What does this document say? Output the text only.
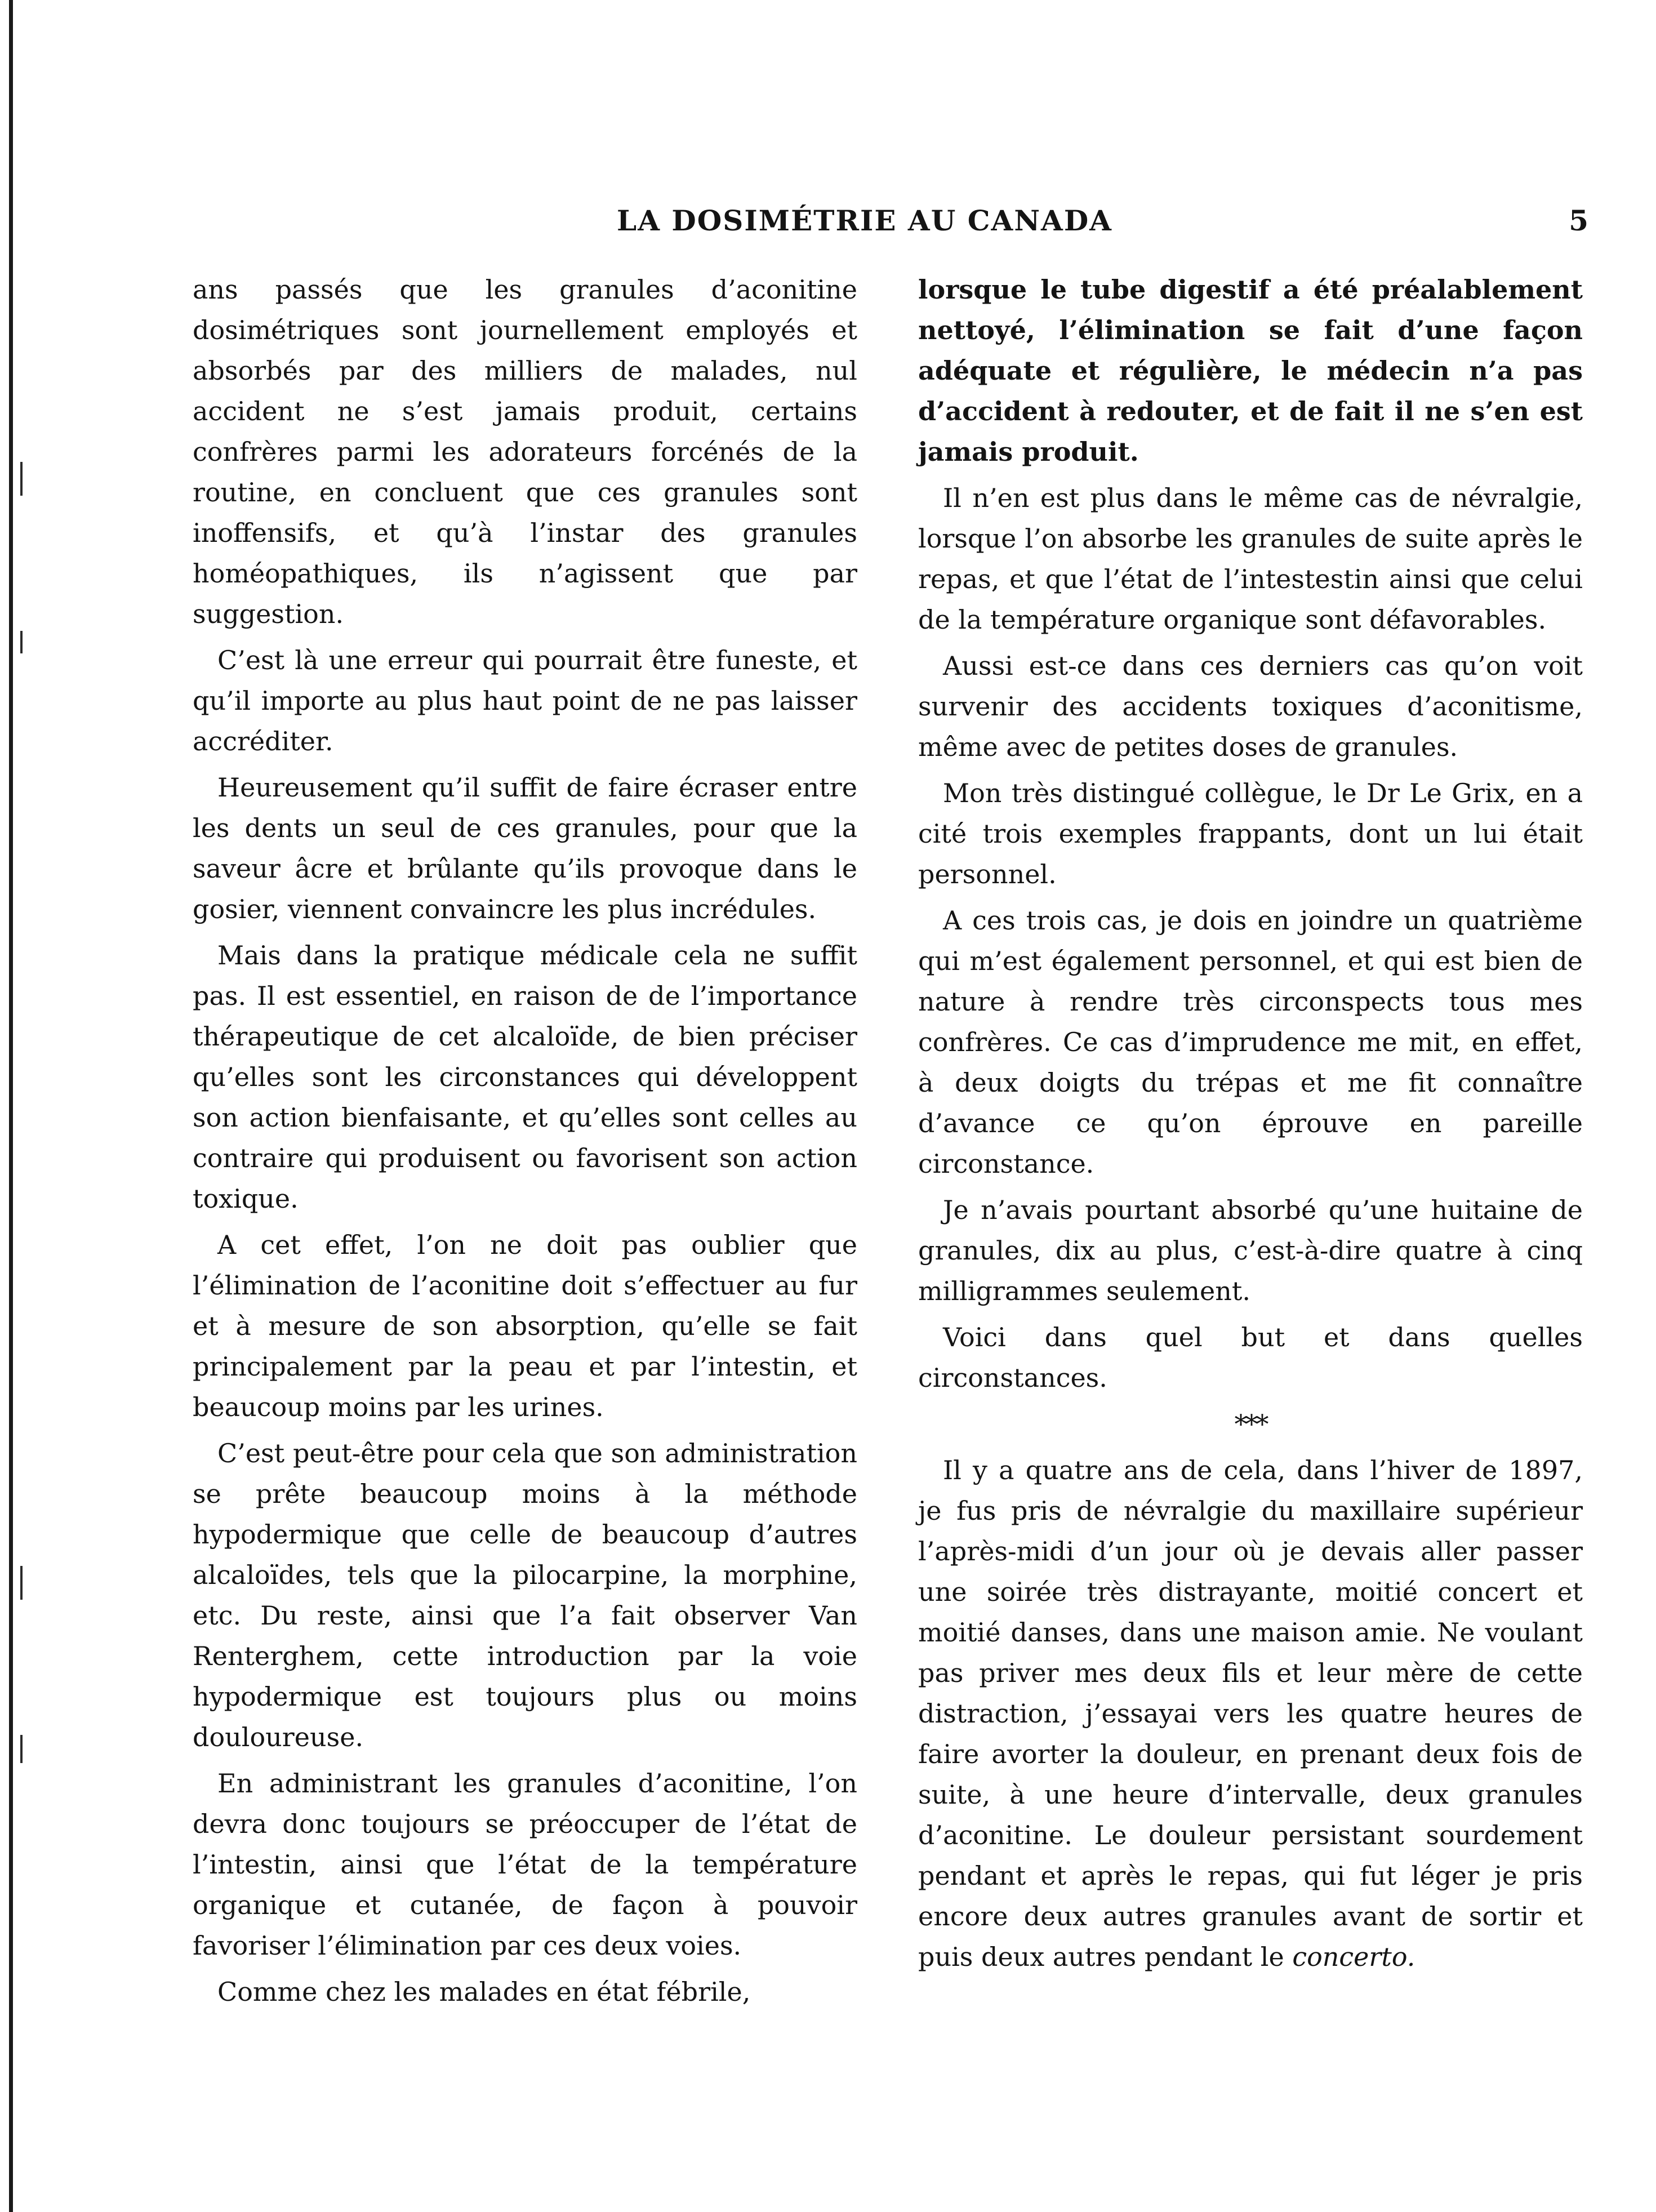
LA DOSIMÉTRIE AU CANADA	5

ans passés que les granules d’aconitine dosimétriques sont journellement employés et absorbés par des milliers de malades, nul accident ne s’est jamais produit, certains confrères parmi les adorateurs forcénés de la routine, en concluent que ces granules sont inoffensifs, et qu’à l’instar des granules homéopathiques, ils n’agissent que par suggestion.

C’est là une erreur qui pourrait être funeste, et qu’il importe au plus haut point de ne pas laisser accréditer.

Heureusement qu’il suffit de faire écraser entre les dents un seul de ces granules, pour que la saveur âcre et brûlante qu’ils provoque dans le gosier, viennent convaincre les plus incrédules.

Mais dans la pratique médicale cela ne suffit pas. Il est essentiel, en raison de de l’importance thérapeutique de cet alcaloïde, de bien préciser qu’elles sont les circonstances qui développent son action bienfaisante, et qu’elles sont celles au contraire qui produisent ou favorisent son action toxique.

A cet effet, l’on ne doit pas oublier que l’élimination de l’aconitine doit s’effectuer au fur et à mesure de son absorption, qu’elle se fait principalement par la peau et par l’intestin, et beaucoup moins par les urines.

C’est peut-être pour cela que son administration se prête beaucoup moins à la méthode hypodermique que celle de beaucoup d’autres alcaloïdes, tels que la pilocarpine, la morphine, etc. Du reste, ainsi que l’a fait observer Van Renterghem, cette introduction par la voie hypodermique est toujours plus ou moins douloureuse.

En administrant les granules d’aconitine, l’on devra donc toujours se préoccuper de l’état de l’intestin, ainsi que l’état de la température organique et cutanée, de façon à pouvoir favoriser l’élimination par ces deux voies.

Comme chez les malades en état fébrile,

lorsque le tube digestif a été préalablement nettoyé, l’élimination se fait d’une façon adéquate et régulière, le médecin n’a pas d’accident à redouter, et de fait il ne s’en est jamais produit.

Il n’en est plus dans le même cas de névralgie, lorsque l’on absorbe les granules de suite après le repas, et que l’état de l’intestestin ainsi que celui de la température organique sont défavorables.

Aussi est-ce dans ces derniers cas qu’on voit survenir des accidents toxiques d’aconitisme, même avec de petites doses de granules.

Mon très distingué collègue, le Dr Le Grix, en a cité trois exemples frappants, dont un lui était personnel.

A ces trois cas, je dois en joindre un quatrième qui m’est également personnel, et qui est bien de nature à rendre très circonspects tous mes confrères. Ce cas d’imprudence me mit, en effet, à deux doigts du trépas et me fit connaître d’avance ce qu’on éprouve en pareille circonstance.

Je n’avais pourtant absorbé qu’une huitaine de granules, dix au plus, c’est-à-dire quatre à cinq milligrammes seulement.

Voici dans quel but et dans quelles circonstances.

***

Il y a quatre ans de cela, dans l’hiver de 1897, je fus pris de névralgie du maxillaire supérieur l’après-midi d’un jour où je devais aller passer une soirée très distrayante, moitié concert et moitié danses, dans une maison amie. Ne voulant pas priver mes deux fils et leur mère de cette distraction, j’essayai vers les quatre heures de faire avorter la douleur, en prenant deux fois de suite, à une heure d’intervalle, deux granules d’aconitine. Le douleur persistant sourdement pendant et après le repas, qui fut léger je pris encore deux autres granules avant de sortir et puis deux autres pendant le concerto.
